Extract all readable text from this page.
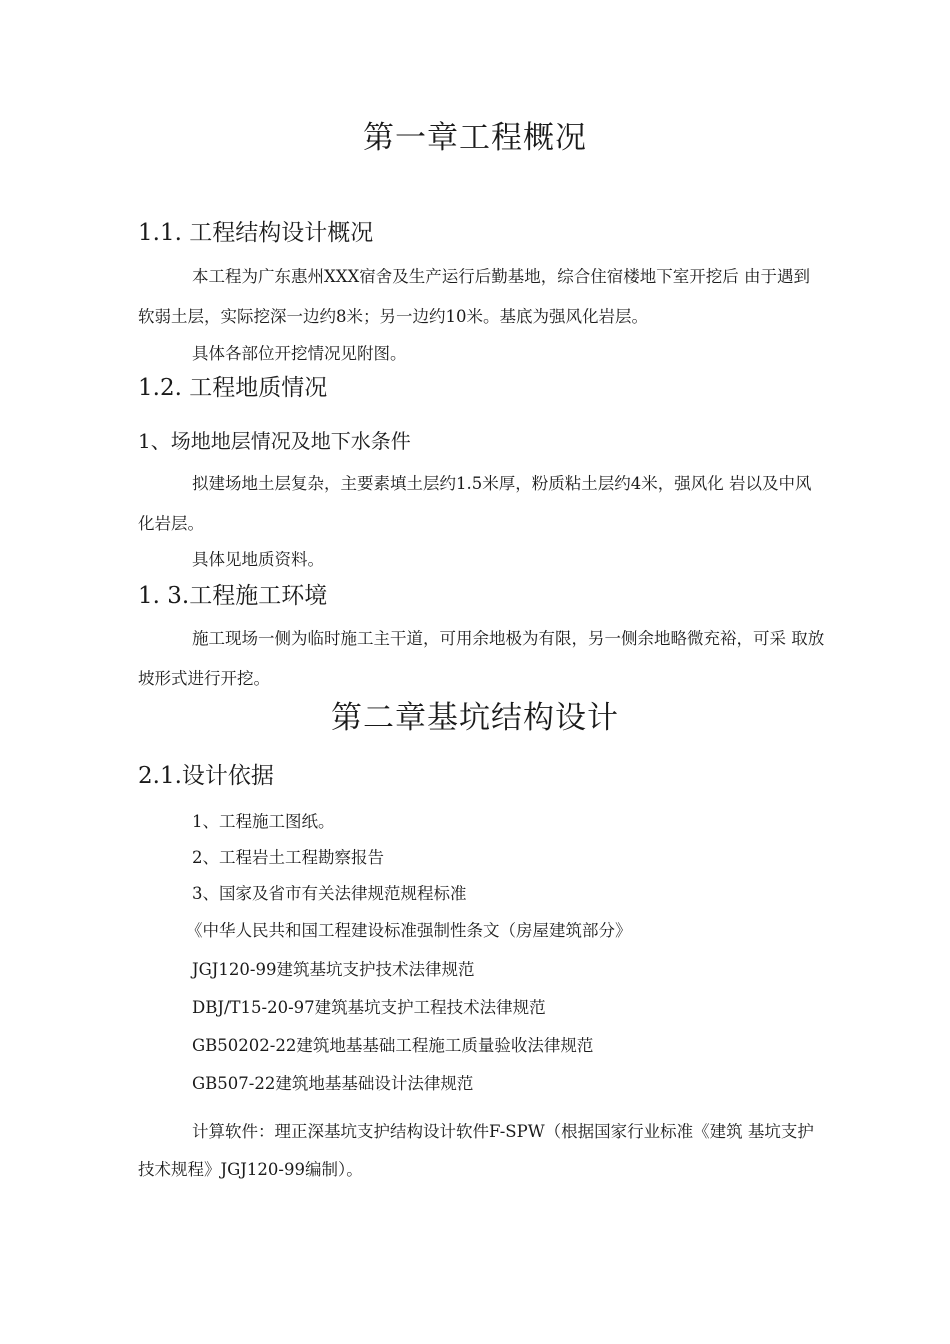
第一章工程概况
1.1. 工程结构设计概况
本工程为广东惠州XXX宿舍及生产运行后勤基地，综合住宿楼地下室开挖后 由于遇到
软弱土层，实际挖深一边约8米；另一边约10米。基底为强风化岩层。
具体各部位开挖情况见附图。
1.2. 工程地质情况
1、场地地层情况及地下水条件
拟建场地土层复杂，主要素填土层约1.5米厚，粉质粘土层约4米，强风化 岩以及中风
化岩层。
具体见地质资料。
1. 3.工程施工环境
施工现场一侧为临时施工主干道，可用余地极为有限，另一侧余地略微充裕，可采 取放
坡形式进行开挖。
第二章基坑结构设计
2.1.设计依据
1、工程施工图纸。
2、工程岩土工程勘察报告
3、国家及省市有关法律规范规程标准
《中华人民共和国工程建设标准强制性条文（房屋建筑部分》
JGJ120-99建筑基坑支护技术法律规范
DBJ/T15-20-97建筑基坑支护工程技术法律规范
GB50202-22建筑地基基础工程施工质量验收法律规范
GB507-22建筑地基基础设计法律规范
计算软件：理正深基坑支护结构设计软件F-SPW（根据国家行业标准《建筑 基坑支护
技术规程》JGJ120-99编制）。
